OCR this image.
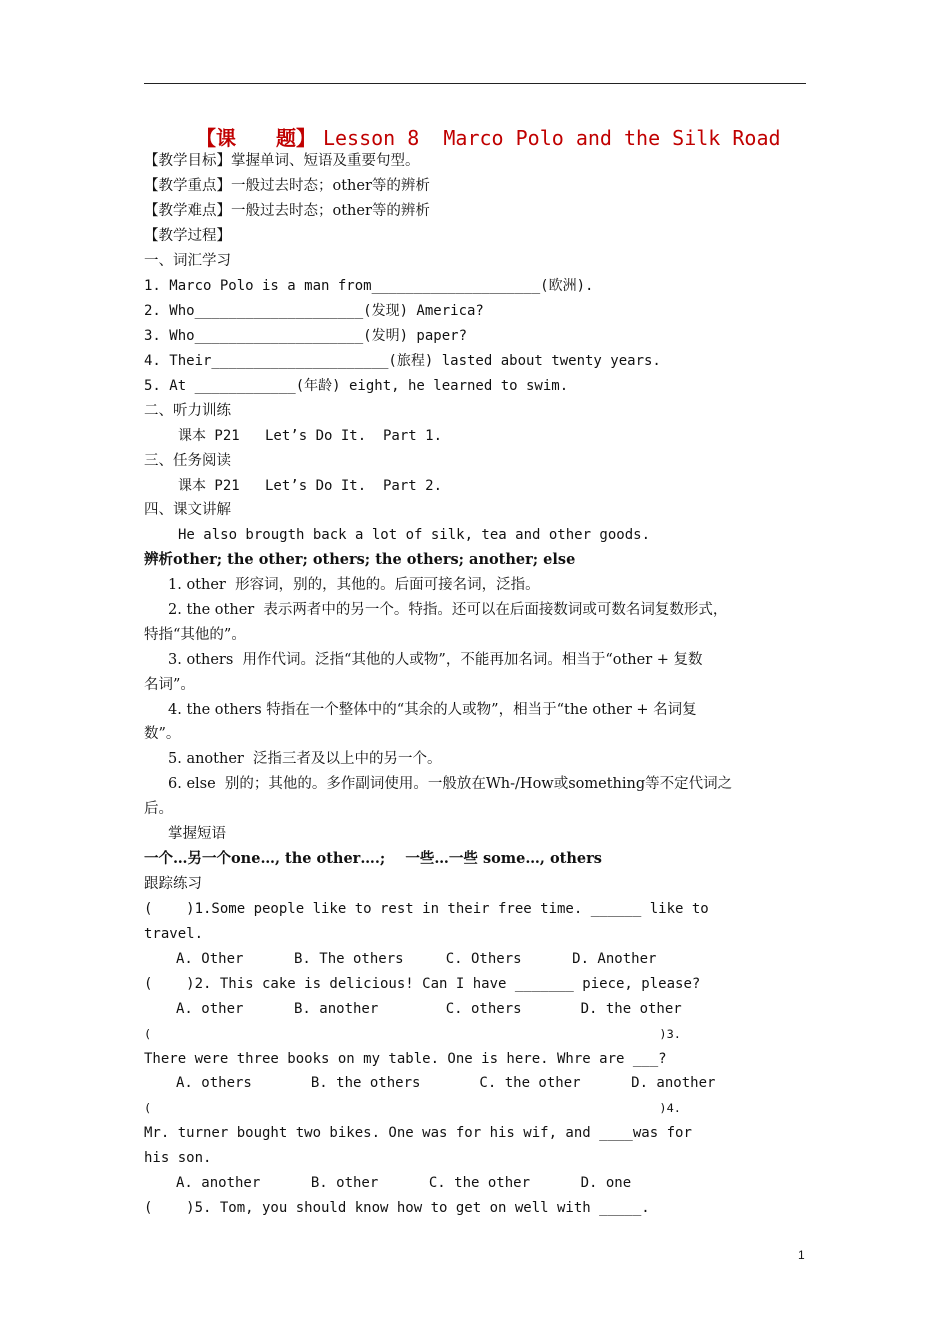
【课　　题】 Lesson 8  Marco Polo and the Silk Road
【教学目标】掌握单词、短语及重要句型。
【教学重点】一般过去时态；other等的辨析
【教学难点】一般过去时态；other等的辨析
【教学过程】
一、词汇学习
1. Marco Polo is a man from____________________(欧洲).
2. Who____________________(发现) America?
3. Who____________________(发明) paper?
4. Their_____________________(旅程) lasted about twenty years.
5. At ____________(年龄) eight, he learned to swim.
二、听力训练
课本 P21   Let’s Do It.  Part 1.
三、任务阅读
课本 P21   Let’s Do It.  Part 2.
四、课文讲解
He also brougth back a lot of silk, tea and other goods.
辨析other; the other; others; the others; another; else
1. other  形容词，别的，其他的。后面可接名词，泛指。
2. the other  表示两者中的另一个。特指。还可以在后面接数词或可数名词复数形式，
特指“其他的”。
3. others  用作代词。泛指“其他的人或物”，不能再加名词。相当于“other + 复数
名词”。
4. the others 特指在一个整体中的“其余的人或物”，相当于“the other + 名词复
数”。
5. another  泛指三者及以上中的另一个。
6. else  别的；其他的。多作副词使用。一般放在Wh-/How或something等不定代词之
后。
掌握短语
一个…另一个one…, the other….;    一些…一些 some…, others
跟踪练习
(    )1.Some people like to rest in their free time. ______ like to
travel.
A. Other      B. The others     C. Others      D. Another
(    )2. This cake is delicious! Can I have _______ piece, please?
A. other      B. another        C. others       D. the other
(                                                                       )3.
There were three books on my table. One is here. Whre are ___?
A. others       B. the others       C. the other      D. another
(                                                                       )4.
Mr. turner bought two bikes. One was for his wif, and ____was for
his son.
A. another      B. other      C. the other      D. one
(    )5. Tom, you should know how to get on well with _____.
1
